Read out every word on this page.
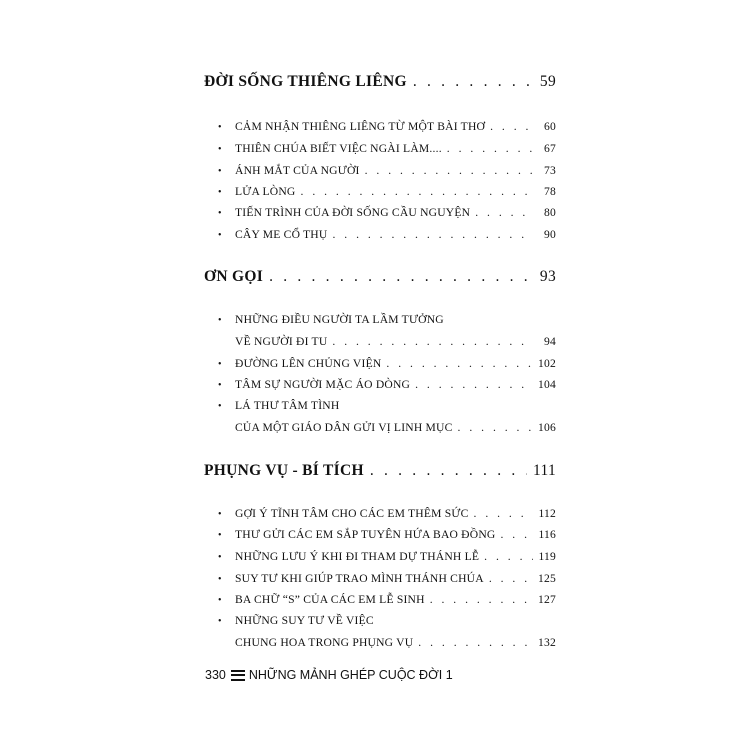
ĐỜI SỐNG THIÊNG LIÊNG . . .	59
•	CẢM NHẬN THIÊNG LIÊNG TỪ MỘT BÀI THƠ . . .	60
•	THIÊN CHÚA BIẾT VIỆC NGÀI LÀM.... . . .	67
•	ÁNH MẮT CỦA NGƯỜI . . .	73
•	LỬA LÒNG . . .	78
•	TIẾN TRÌNH CỦA ĐỜI SỐNG CẦU NGUYỆN . . .	80
•	CÂY ME CỔ THỤ . . .	90
ƠN GỌI . . .	93
•	NHỮNG ĐIỀU NGƯỜI TA LẦM TƯỞNG
VỀ NGƯỜI ĐI TU . . .	94
•	ĐƯỜNG LÊN CHỦNG VIỆN . . .	102
•	TÂM SỰ NGƯỜI MẶC ÁO DÒNG . . .	104
•	LÁ THƯ TÂM TÌNH
CỦA MỘT GIÁO DÂN GỬI VỊ LINH MỤC . . .	106
PHỤNG VỤ - BÍ TÍCH . . .	111
•	GỢI Ý TĨNH TÂM CHO CÁC EM THÊM SỨC . . .	112
•	THƯ GỬI CÁC EM SẮP TUYÊN HỨA BAO ĐỒNG . . .	116
•	NHỮNG LƯU Ý KHI ĐI THAM DỰ THÁNH LỄ . . .	119
•	SUY TƯ KHI GIÚP TRAO MÌNH THÁNH CHÚA . . .	125
•	BA CHỮ “S” CỦA CÁC EM LỄ SINH . . .	127
•	NHỮNG SUY TƯ VỀ VIỆC
CHUNG HOA TRONG PHỤNG VỤ . . .	132
330 NHỮNG MẢNH GHÉP CUỘC ĐỜI 1
